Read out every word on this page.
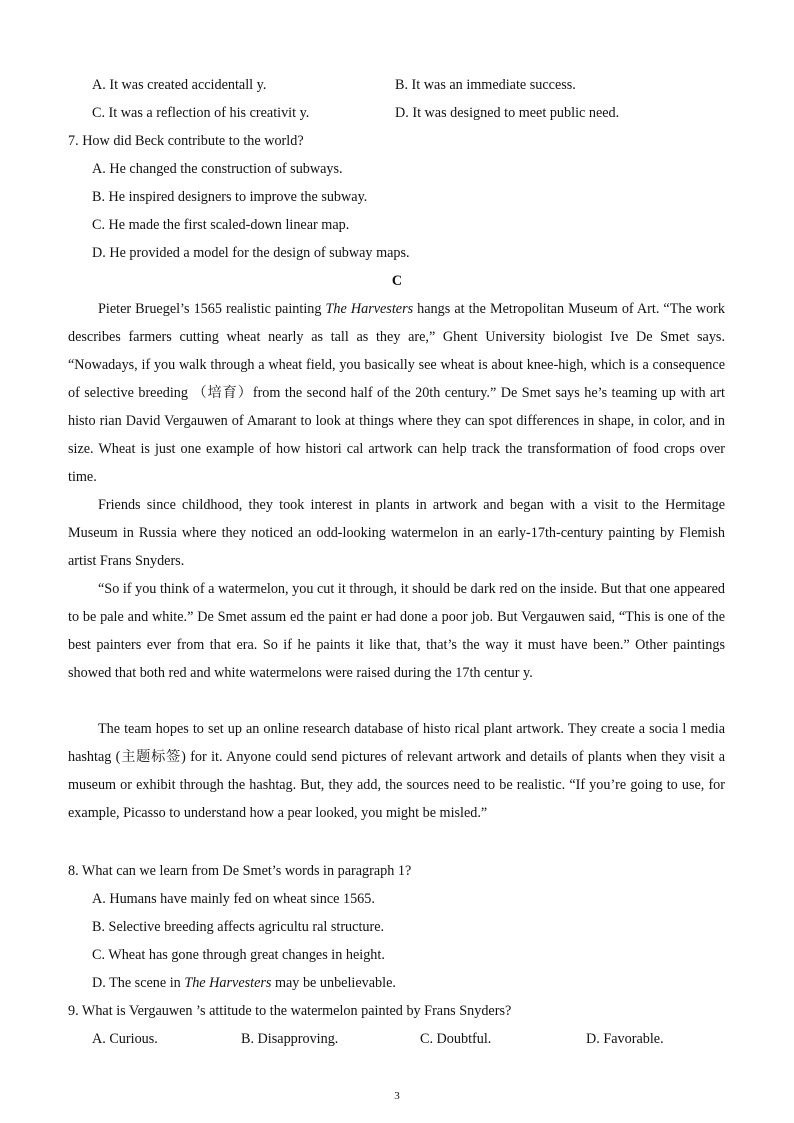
A. It was created accidentall y.	B. It was an immediate success.
C. It was a reflection of his creativit y.	D. It was designed to meet public need.
7. How did Beck contribute to the world?
A. He changed the construction of subways.
B. He inspired designers to improve the subway.
C. He made the first scaled-down linear map.
D. He provided a model for the design of subway maps.
C
Pieter Bruegel’s 1565 realistic painting The Harvesters hangs at the Metropolitan Museum of Art. “The work describes farmers cutting wheat nearly as tall as they are,” Ghent University biologist Ive De Smet says. “Nowadays, if you walk through a wheat field, you basically see wheat is about knee-high, which is a consequence of selective breeding （培育）from the second half of the 20th century.” De Smet says he’s teaming up with art histo rian David Vergauwen of Amarant to look at things where they can spot differences in shape, in color, and in size. Wheat is just one example of how histori cal artwork can help track the transformation of food crops over time.
Friends since childhood, they took interest in plants in artwork and began with a visit to the Hermitage Museum in Russia where they noticed an odd-looking watermelon in an early-17th-century painting by Flemish artist Frans Snyders.
“So if you think of a watermelon, you cut it through, it should be dark red on the inside. But that one appeared to be pale and white.” De Smet assum ed the paint er had done a poor job. But Vergauwen said, “This is one of the best painters ever from that era. So if he paints it like that, that’s the way it must have been.” Other paintings showed that both red and white watermelons were raised during the 17th centur y.
The team hopes to set up an online research database of histo rical plant artwork. They create a socia l media hashtag (主题标签) for it. Anyone could send pictures of relevant artwork and details of plants when they visit a museum or exhibit through the hashtag. But, they add, the sources need to be realistic. “If you’re going to use, for example, Picasso to understand how a pear looked, you might be misled.”
8. What can we learn from De Smet’s words in paragraph 1?
A. Humans have mainly fed on wheat since 1565.
B. Selective breeding affects agricultu ral structure.
C. Wheat has gone through great changes in height.
D. The scene in The Harvesters may be unbelievable.
9. What is Vergauwen ’s attitude to the watermelon painted by Frans Snyders?
A. Curious.	B. Disapproving.	C. Doubtful.	D. Favorable.
3
